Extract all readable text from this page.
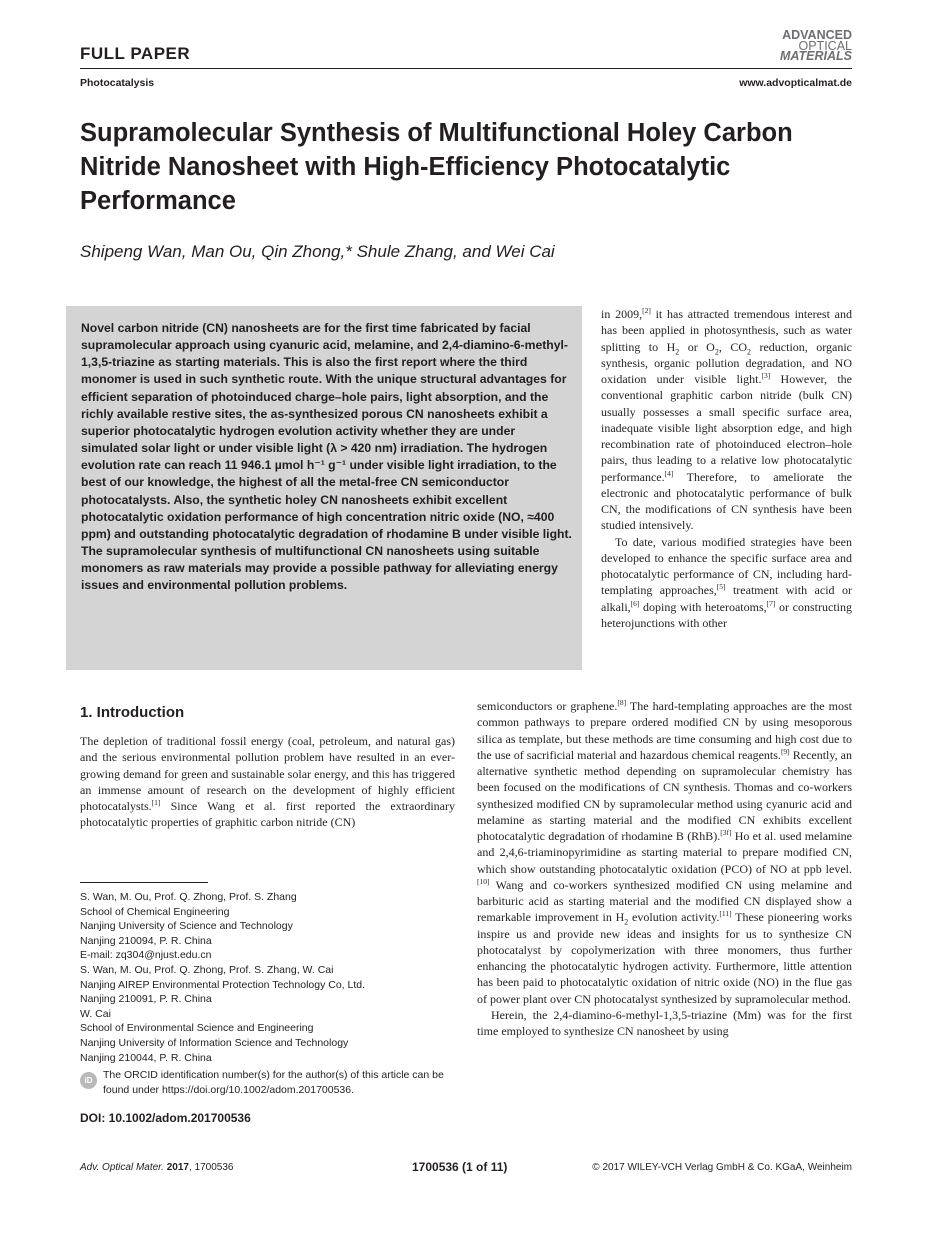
FULL PAPER
ADVANCED
OPTICAL
MATERIALS
Photocatalysis	www.advopticalmat.de
Supramolecular Synthesis of Multifunctional Holey Carbon Nitride Nanosheet with High-Efficiency Photocatalytic Performance
Shipeng Wan, Man Ou, Qin Zhong,* Shule Zhang, and Wei Cai
Novel carbon nitride (CN) nanosheets are for the first time fabricated by facial supramolecular approach using cyanuric acid, melamine, and 2,4-diamino-6-methyl-1,3,5-triazine as starting materials. This is also the first report where the third monomer is used in such synthetic route. With the unique structural advantages for efficient separation of photoinduced charge–hole pairs, light absorption, and the richly available restive sites, the as-synthesized porous CN nanosheets exhibit a superior photocatalytic hydrogen evolution activity whether they are under simulated solar light or under visible light (λ > 420 nm) irradiation. The hydrogen evolution rate can reach 11 946.1 µmol h⁻¹ g⁻¹ under visible light irradiation, to the best of our knowledge, the highest of all the metal-free CN semiconductor photocatalysts. Also, the synthetic holey CN nanosheets exhibit excellent photocatalytic oxidation performance of high concentration nitric oxide (NO, ≈400 ppm) and outstanding photocatalytic degradation of rhodamine B under visible light. The supramolecular synthesis of multifunctional CN nanosheets using suitable monomers as raw materials may provide a possible pathway for alleviating energy issues and environmental pollution problems.
in 2009,[2] it has attracted tremendous interest and has been applied in photosynthesis, such as water splitting to $H_2$ or $O_2$, $CO_2$ reduction, organic synthesis, organic pollution degradation, and NO oxidation under visible light.[3] However, the conventional graphitic carbon nitride (bulk CN) usually possesses a small specific surface area, inadequate visible light absorption edge, and high recombination rate of photoinduced electron–hole pairs, thus leading to a relative low photocatalytic performance.[4] Therefore, to ameliorate the electronic and photocatalytic performance of bulk CN, the modifications of CN synthesis have been studied intensively.
To date, various modified strategies have been developed to enhance the specific surface area and photocatalytic performance of CN, including hard-templating approaches,[5] treatment with acid or alkali,[6] doping with heteroatoms,[7] or constructing heterojunctions with other
1. Introduction
The depletion of traditional fossil energy (coal, petroleum, and natural gas) and the serious environmental pollution problem have resulted in an ever-growing demand for green and sustainable solar energy, and this has triggered an immense amount of research on the development of highly efficient photocatalysts.[1] Since Wang et al. first reported the extraordinary photocatalytic properties of graphitic carbon nitride (CN)
semiconductors or graphene.[8] The hard-templating approaches are the most common pathways to prepare ordered modified CN by using mesoporous silica as template, but these methods are time consuming and high cost due to the use of sacrificial material and hazardous chemical reagents.[9] Recently, an alternative synthetic method depending on supramolecular chemistry has been focused on the modifications of CN synthesis. Thomas and co-workers synthesized modified CN by supramolecular method using cyanuric acid and melamine as starting material and the modified CN exhibits excellent photocatalytic degradation of rhodamine B (RhB).[3f] Ho et al. used melamine and 2,4,6-triaminopyrimidine as starting material to prepare modified CN, which show outstanding photocatalytic oxidation (PCO) of NO at ppb level.[10] Wang and co-workers synthesized modified CN using melamine and barbituric acid as starting material and the modified CN displayed show a remarkable improvement in $H_2$ evolution activity.[11] These pioneering works inspire us and provide new ideas and insights for us to synthesize CN photocatalyst by copolymerization with three monomers, thus further enhancing the photocatalytic hydrogen activity. Furthermore, little attention has been paid to photocatalytic oxidation of nitric oxide (NO) in the flue gas of power plant over CN photocatalyst synthesized by supramolecular method.
Herein, the 2,4-diamino-6-methyl-1,3,5-triazine (Mm) was for the first time employed to synthesize CN nanosheet by using
S. Wan, M. Ou, Prof. Q. Zhong, Prof. S. Zhang
School of Chemical Engineering
Nanjing University of Science and Technology
Nanjing 210094, P. R. China
E-mail: zq304@njust.edu.cn
S. Wan, M. Ou, Prof. Q. Zhong, Prof. S. Zhang, W. Cai
Nanjing AIREP Environmental Protection Technology Co, Ltd.
Nanjing 210091, P. R. China
W. Cai
School of Environmental Science and Engineering
Nanjing University of Information Science and Technology
Nanjing 210044, P. R. China
iD	The ORCID identification number(s) for the author(s) of this article can be found under https://doi.org/10.1002/adom.201700536.
DOI: 10.1002/adom.201700536
Adv. Optical Mater. 2017, 1700536	1700536 (1 of 11)	© 2017 WILEY-VCH Verlag GmbH & Co. KGaA, Weinheim
